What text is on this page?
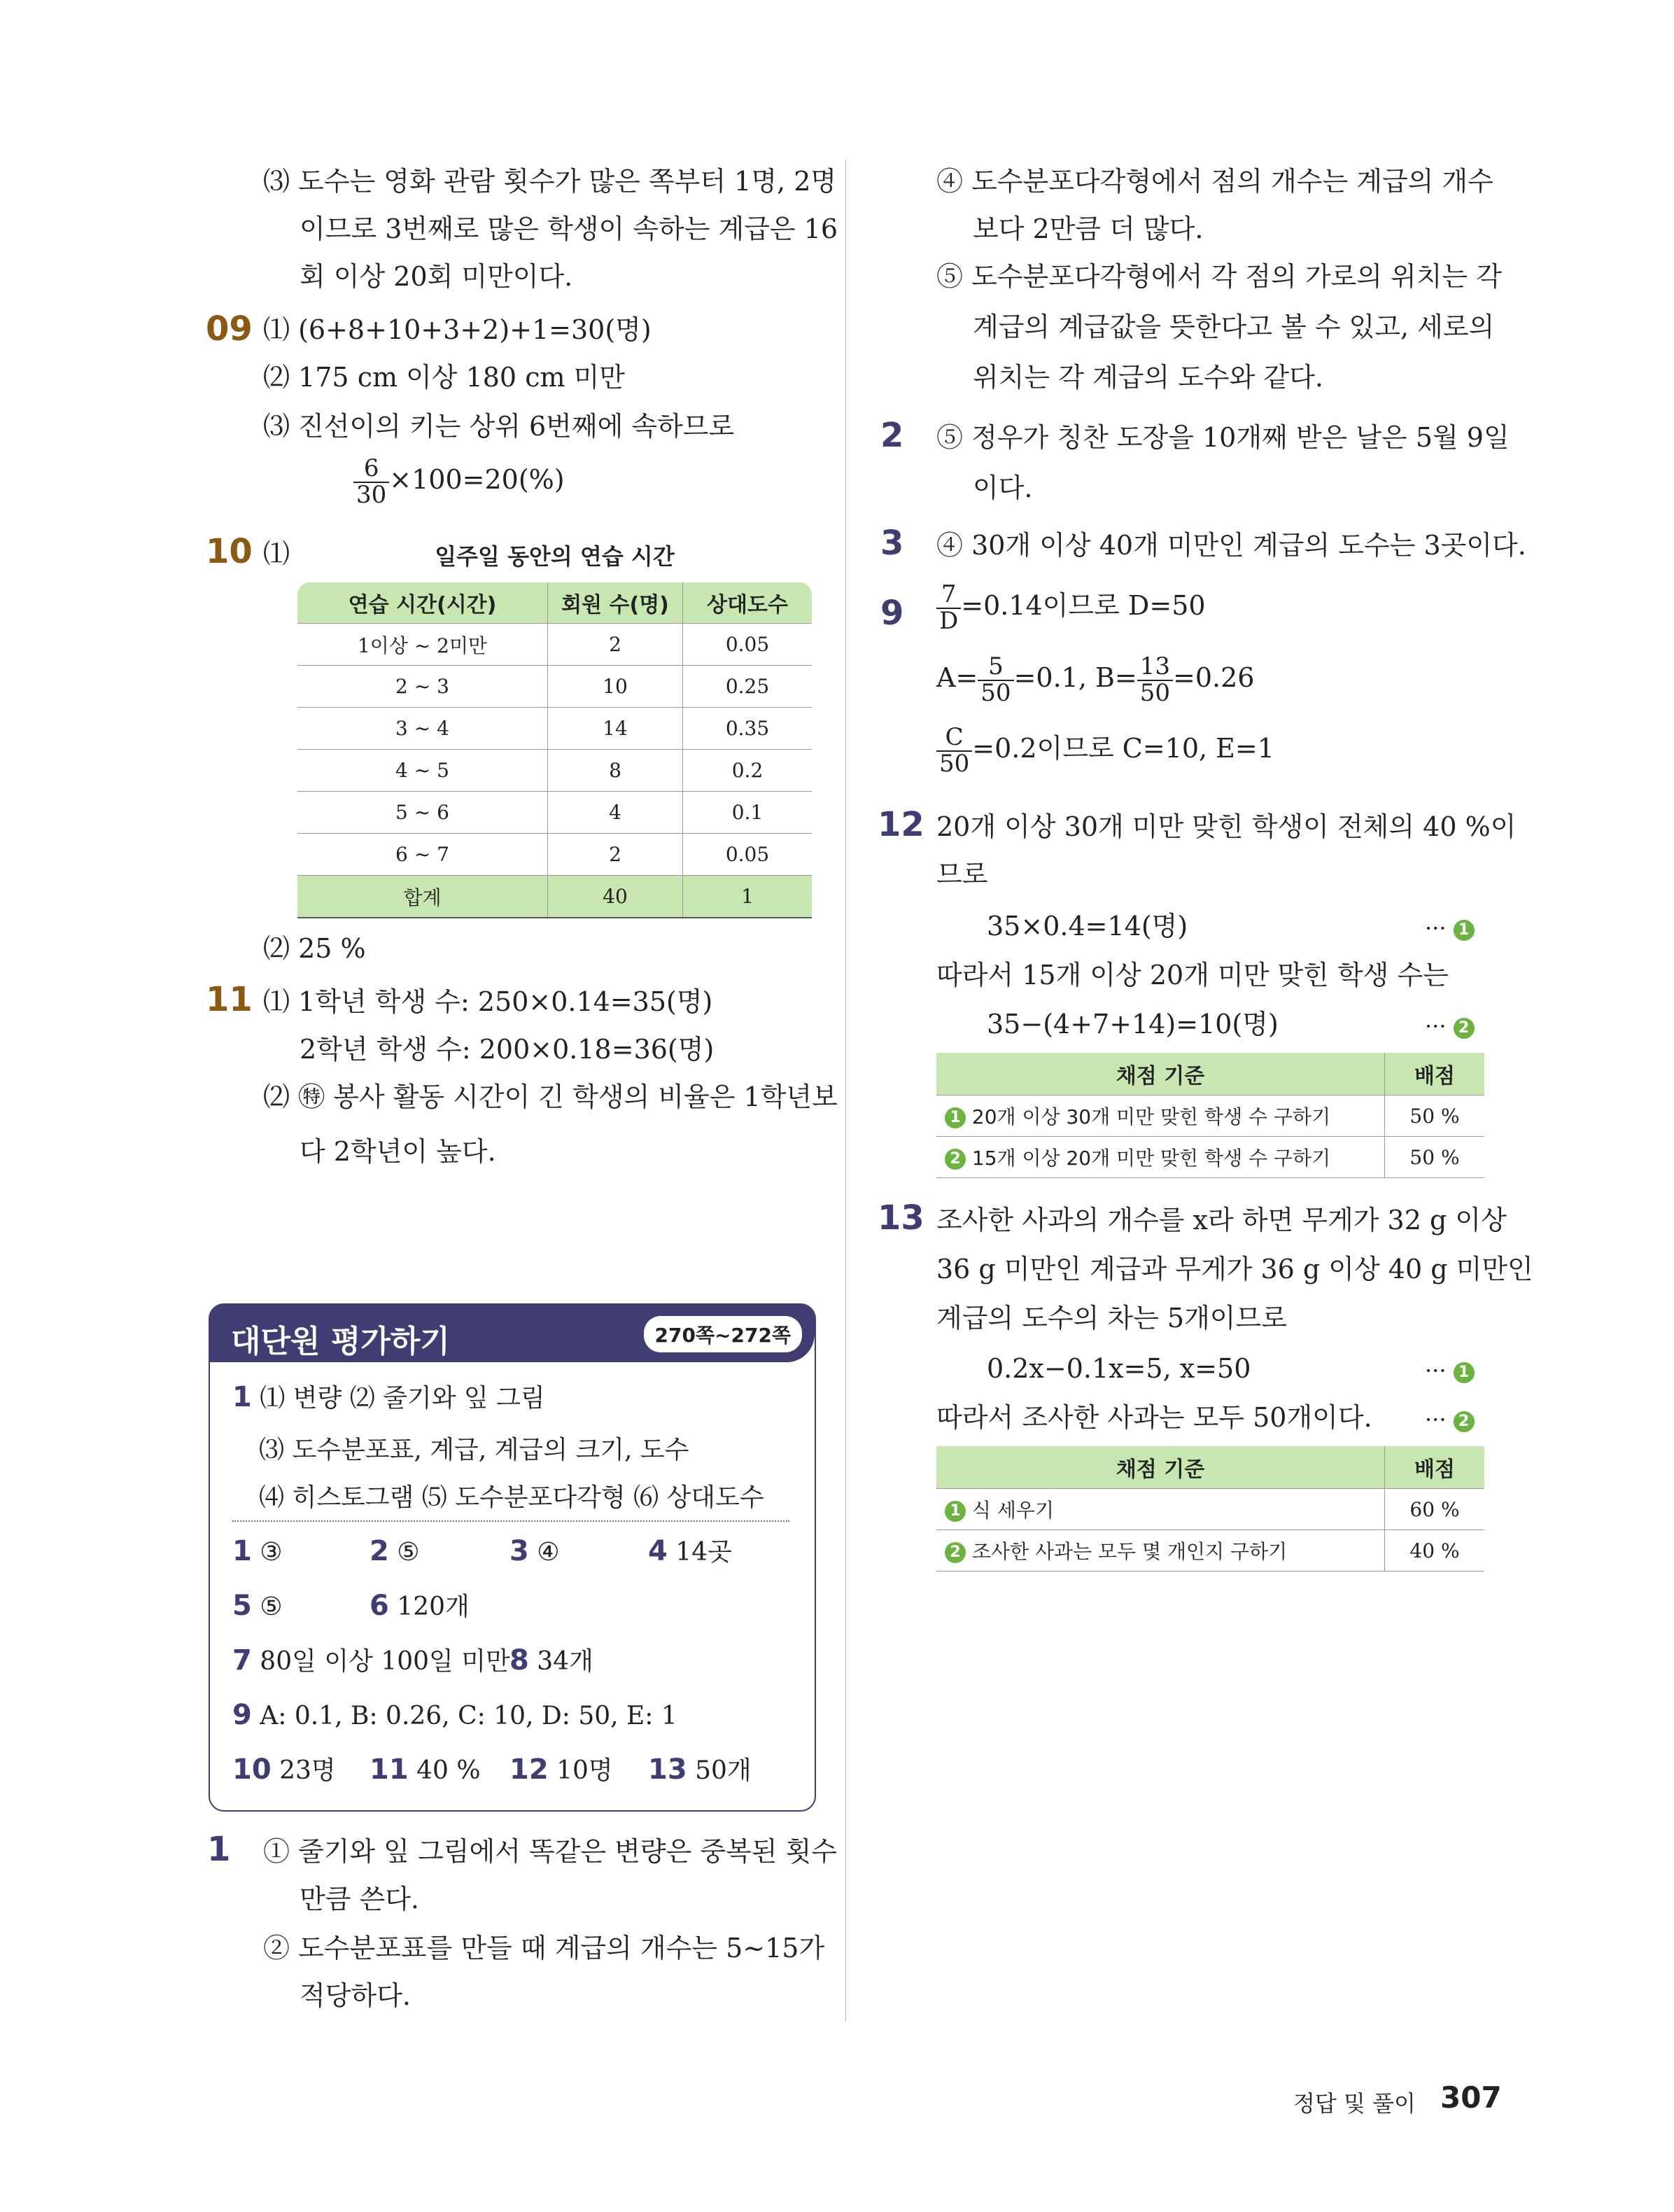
⑶ 도수는 영화 관람 횟수가 많은 쪽부터 1명, 2명
이므로 3번째로 많은 학생이 속하는 계급은 16
회 이상 20회 미만이다.
09 ⑴ (6+8+10+3+2)+1=30(명)
⑵ 175 cm 이상 180 cm 미만
⑶ 진선이의 키는 상위 6번째에 속하므로
$\frac{6}{30} \times 100=20(\%)$
10 ⑴	일주일 동안의 연습 시간
연습 시간(시간)	회원 수(명)	상대도수
1이상 ~ 2미만	2	0.05
2 ~ 3	10	0.25
3 ~ 4	14	0.35
4 ~ 5	8	0.2
5 ~ 6	4	0.1
6 ~ 7	2	0.05
합계	40	1
⑵ 25 %
11 ⑴ 1학년 학생 수: 250×0.14=35(명)
2학년 학생 수: 200×0.18=36(명)
⑵ ㊕ 봉사 활동 시간이 긴 학생의 비율은 1학년보
다 2학년이 높다.
대단원 평가하기	270쪽~272쪽
1 ⑴ 변량 ⑵ 줄기와 잎 그림
⑶ 도수분포표, 계급, 계급의 크기, 도수
⑷ 히스토그램 ⑸ 도수분포다각형 ⑹ 상대도수
1 ③	2 ⑤	3 ④	4 14곳
5 ⑤	6 120개
7 80일 이상 100일 미만 8 34개
9 A: 0.1, B: 0.26, C: 10, D: 50, E: 1
10 23명 11 40 % 12 10명 13 50개
1 ① 줄기와 잎 그림에서 똑같은 변량은 중복된 횟수
만큼 쓴다.
② 도수분포표를 만들 때 계급의 개수는 5~15가
적당하다.
④ 도수분포다각형에서 점의 개수는 계급의 개수
보다 2만큼 더 많다.
⑤ 도수분포다각형에서 각 점의 가로의 위치는 각
계급의 계급값을 뜻한다고 볼 수 있고, 세로의
위치는 각 계급의 도수와 같다.
2 ⑤ 정우가 칭찬 도장을 10개째 받은 날은 5월 9일
이다.
3 ④ 30개 이상 40개 미만인 계급의 도수는 3곳이다.
$9 \frac{7}{D} =0.14$이므로 D=50
$A= \frac{5}{50} =0.1$, $B= \frac{13}{50} =0.26$
$\frac{C}{50} =0.2$이므로 C=10, E=1
12 20개 이상 30개 미만 맞힌 학생이 전체의 40 %이
므로
35×0.4=14(명)	··· 1
따라서 15개 이상 20개 미만 맞힌 학생 수는
35−(4+7+14)=10(명)	··· 2
채점 기준	배점
1 20개 이상 30개 미만 맞힌 학생 수 구하기	50 %
2 15개 이상 20개 미만 맞힌 학생 수 구하기	50 %
13 조사한 사과의 개수를 x라 하면 무게가 32 g 이상
36 g 미만인 계급과 무게가 36 g 이상 40 g 미만인
계급의 도수의 차는 5개이므로
0.2x−0.1x=5, x=50	··· 1
따라서 조사한 사과는 모두 50개이다. ··· 2
채점 기준	배점
1 식 세우기	60 %
2 조사한 사과는 모두 몇 개인지 구하기	40 %
정답 및 풀이 307
